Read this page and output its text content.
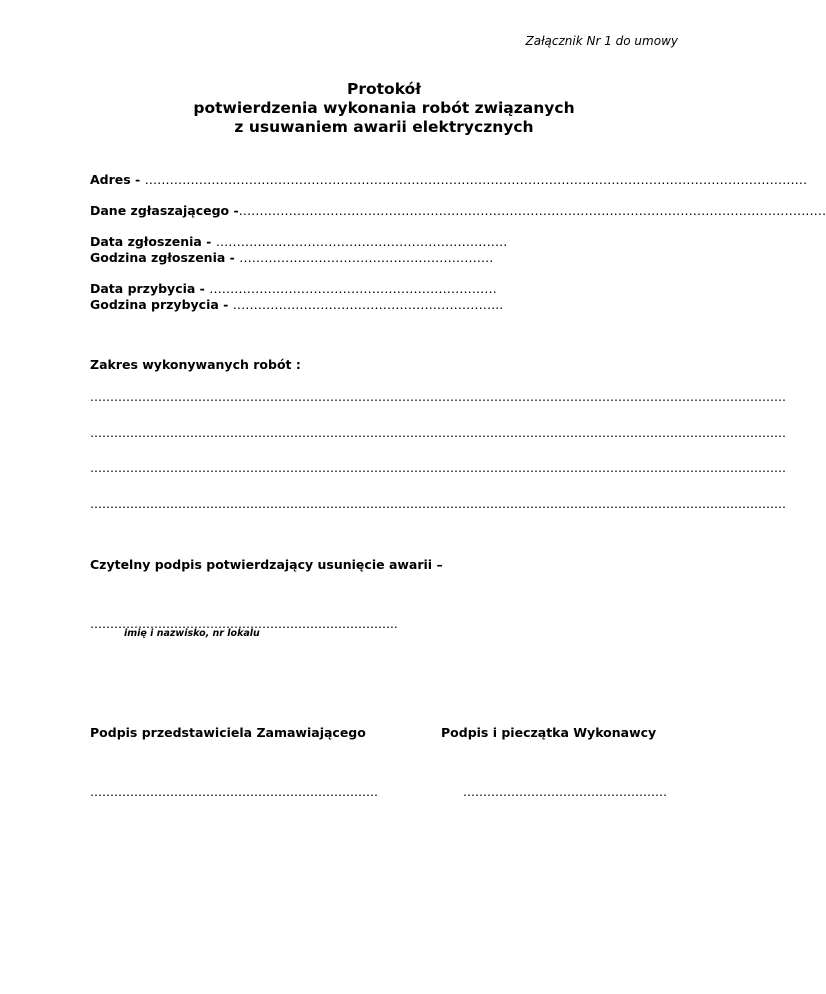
Załącznik Nr 1 do umowy
Protokół
potwierdzenia wykonania robót związanych
z usuwaniem awarii elektrycznych
Adres - ……………………………………………………………………………………………………………………………………………
Dane zgłaszającego -……………………………………………………………………………………………………………………………
Data zgłoszenia - …………………………………………………………….
Godzina zgłoszenia - …………………………………………………….
Data przybycia - ……………………………………………………………
Godzina przybycia - ………………………………………………………..
Zakres wykonywanych robót :
…………………………………………………………………………………………………………………………………………………………
…………………………………………………………………………………………………………………………………………………………
…………………………………………………………………………………………………………………………………………………………
…………………………………………………………………………………………………………………………………………………………
Czytelny podpis potwierdzający usunięcie awarii –
…………………………………………………………………..
imię i nazwisko, nr lokalu
Podpis przedstawiciela Zamawiającego	Podpis i pieczątka Wykonawcy
………………………………………………………………	……………………………………………
